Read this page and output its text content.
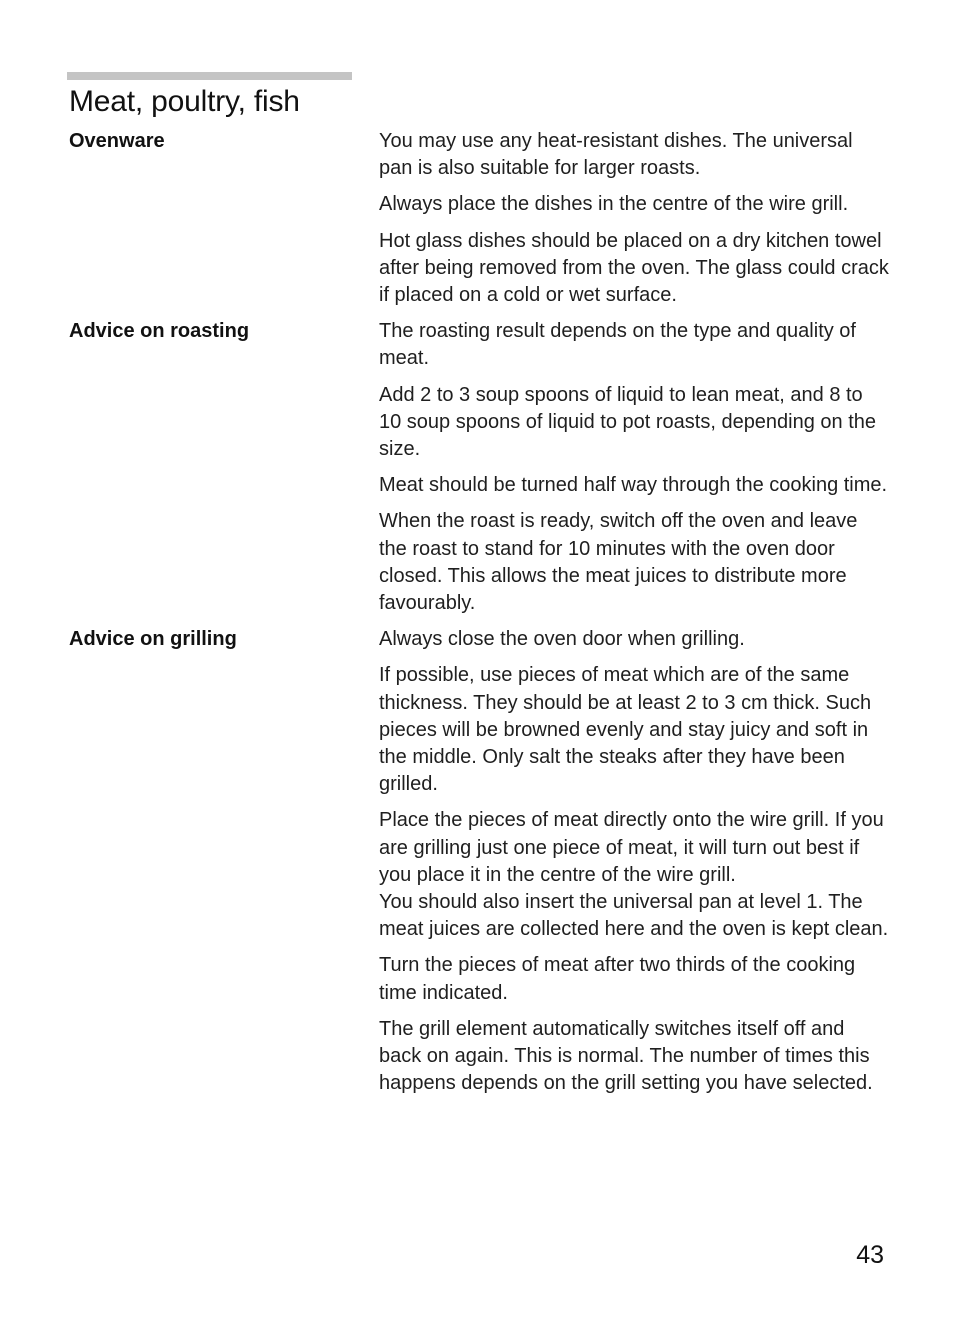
Meat, poultry, fish
Ovenware	You may use any heat-resistant dishes. The universal pan is also suitable for larger roasts.

Always place the dishes in the centre of the wire grill.

Hot glass dishes should be placed on a dry kitchen towel after being removed from the oven. The glass could crack if placed on a cold or wet surface.

Advice on roasting	The roasting result depends on the type and quality of meat.

Add 2 to 3 soup spoons of liquid to lean meat, and 8 to 10 soup spoons of liquid to pot roasts, depending on the size.

Meat should be turned half way through the cooking time.

When the roast is ready, switch off the oven and leave the roast to stand for 10 minutes with the oven door closed. This allows the meat juices to distribute more favourably.

Advice on grilling	Always close the oven door when grilling.

If possible, use pieces of meat which are of the same thickness. They should be at least 2 to 3 cm thick. Such pieces will be browned evenly and stay juicy and soft in the middle. Only salt the steaks after they have been grilled.

Place the pieces of meat directly onto the wire grill. If you are grilling just one piece of meat, it will turn out best if you place it in the centre of the wire grill.
You should also insert the universal pan at level 1. The meat juices are collected here and the oven is kept clean.

Turn the pieces of meat after two thirds of the cooking time indicated.

The grill element automatically switches itself off and back on again. This is normal. The number of times this happens depends on the grill setting you have selected.

43
